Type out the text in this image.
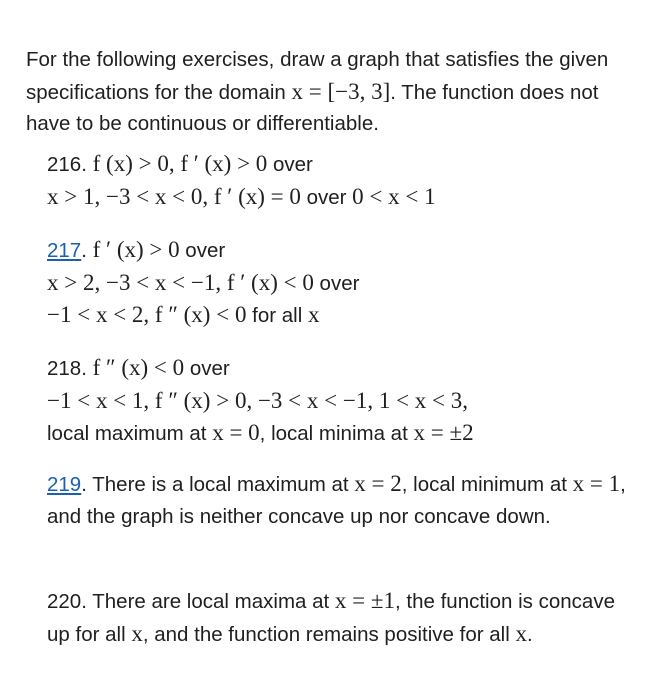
For the following exercises, draw a graph that satisfies the given specifications for the domain x = [−3, 3]. The function does not have to be continuous or differentiable.
216. f (x) > 0, f ′ (x) > 0 over
x > 1, −3 < x < 0, f ′ (x) = 0 over 0 < x < 1
217. f ′ (x) > 0 over
x > 2, −3 < x < −1, f ′ (x) < 0 over
−1 < x < 2, f ″ (x) < 0 for all x
218. f ″ (x) < 0 over
−1 < x < 1, f ″ (x) > 0, −3 < x < −1, 1 < x < 3,
local maximum at x = 0, local minima at x = ±2
219. There is a local maximum at x = 2, local minimum at x = 1, and the graph is neither concave up nor concave down.
220. There are local maxima at x = ±1, the function is concave up for all x, and the function remains positive for all x.
